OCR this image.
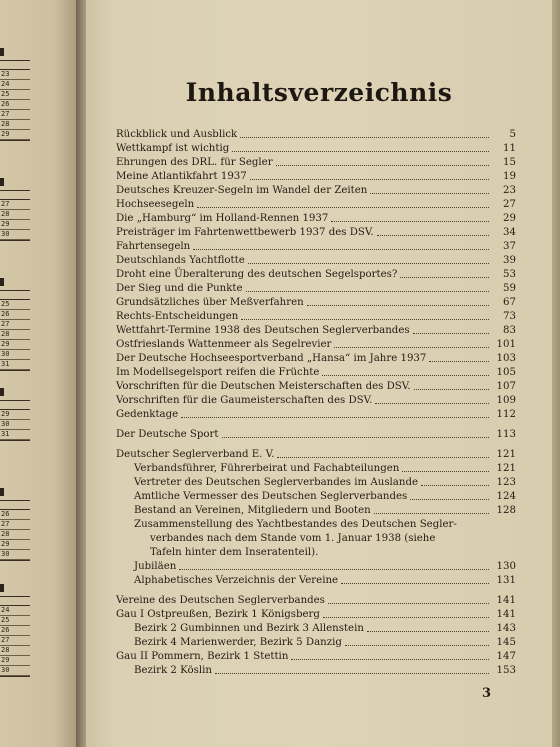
23
24
25
26
27
28
29
27
28
29
30
25
26
27
28
29
30
31
29
30
31
26
27
28
29
30
24
25
26
27
28
29
30
Inhaltsverzeichnis
Rückblick und Ausblick	5
Wettkampf ist wichtig	11
Ehrungen des DRL. für Segler	15
Meine Atlantikfahrt 1937	19
Deutsches Kreuzer-Segeln im Wandel der Zeiten	23
Hochseesegeln	27
Die „Hamburg“ im Holland-Rennen 1937	29
Preisträger im Fahrtenwettbewerb 1937 des DSV.	34
Fahrtensegeln	37
Deutschlands Yachtflotte	39
Droht eine Überalterung des deutschen Segelsportes?	53
Der Sieg und die Punkte	59
Grundsätzliches über Meßverfahren	67
Rechts-Entscheidungen	73
Wettfahrt-Termine 1938 des Deutschen Seglerverbandes	83
Ostfrieslands Wattenmeer als Segelrevier	101
Der Deutsche Hochseesportverband „Hansa“ im Jahre 1937	103
Im Modellsegelsport reifen die Früchte	105
Vorschriften für die Deutschen Meisterschaften des DSV.	107
Vorschriften für die Gaumeisterschaften des DSV.	109
Gedenktage	112
Der Deutsche Sport	113
Deutscher Seglerverband E. V.	121
Verbandsführer, Führerbeirat und Fachabteilungen	121
Vertreter des Deutschen Seglerverbandes im Auslande	123
Amtliche Vermesser des Deutschen Seglerverbandes	124
Bestand an Vereinen, Mitgliedern und Booten	128
Zusammenstellung des Yachtbestandes des Deutschen Segler-
verbandes nach dem Stande vom 1. Januar 1938 (siehe
Tafeln hinter dem Inseratenteil).
Jubiläen	130
Alphabetisches Verzeichnis der Vereine	131
Vereine des Deutschen Seglerverbandes	141
Gau I Ostpreußen, Bezirk 1 Königsberg	141
Bezirk 2 Gumbinnen und Bezirk 3 Allenstein	143
Bezirk 4 Marienwerder, Bezirk 5 Danzig	145
Gau II Pommern, Bezirk 1 Stettin	147
Bezirk 2 Köslin	153
3
